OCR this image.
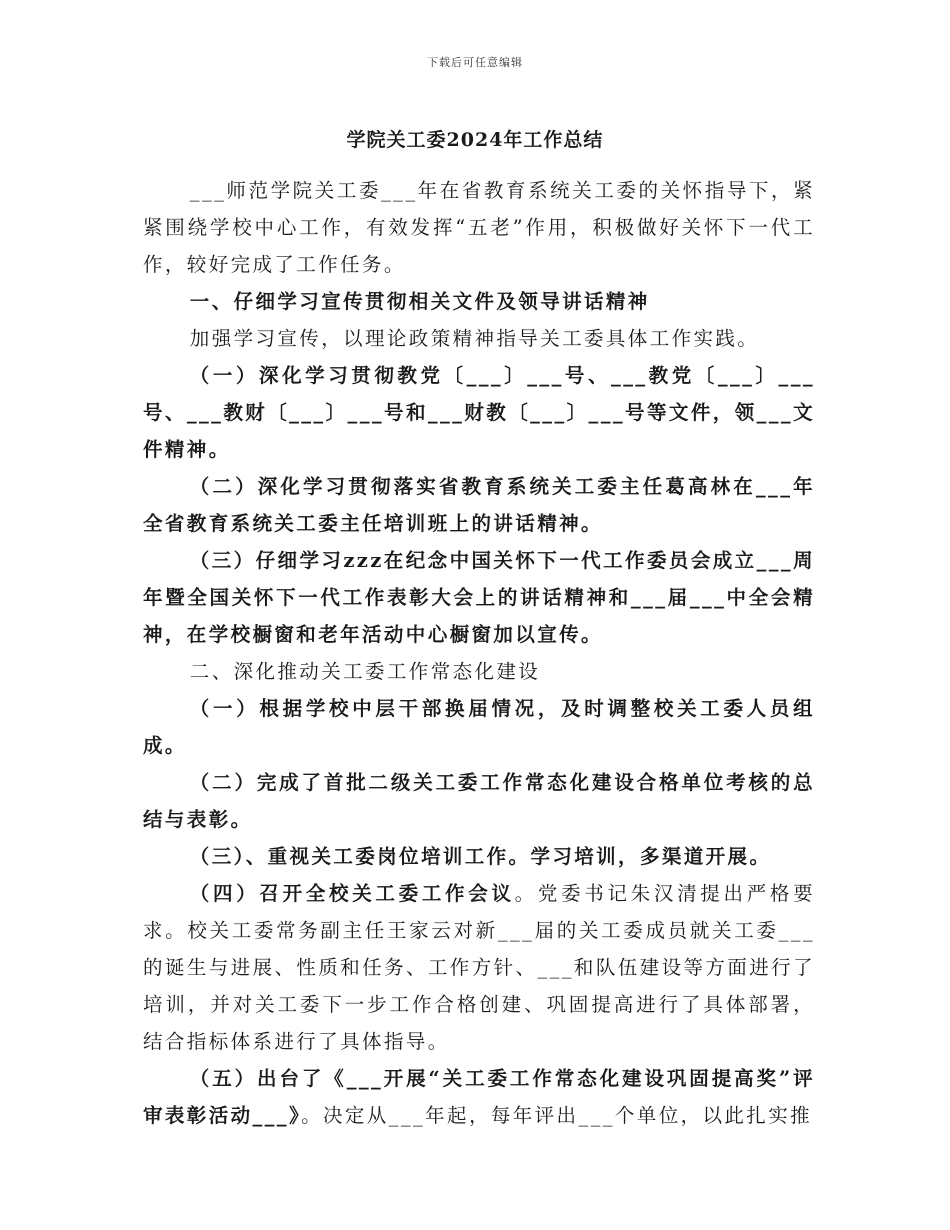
下载后可任意编辑
学院关工委2024年工作总结

___师范学院关工委___年在省教育系统关工委的关怀指导下，紧紧围绕学校中心工作，有效发挥“五老”作用，积极做好关怀下一代工作，较好完成了工作任务。

一、仔细学习宣传贯彻相关文件及领导讲话精神

加强学习宣传，以理论政策精神指导关工委具体工作实践。

（一）深化学习贯彻教党〔___〕___号、___教党〔___〕___号、___教财〔___〕___号和___财教〔___〕___号等文件，领___文件精神。

（二）深化学习贯彻落实省教育系统关工委主任葛高林在___年全省教育系统关工委主任培训班上的讲话精神。

（三）仔细学习zzz在纪念中国关怀下一代工作委员会成立___周年暨全国关怀下一代工作表彰大会上的讲话精神和___届___中全会精神，在学校橱窗和老年活动中心橱窗加以宣传。

二、深化推动关工委工作常态化建设

（一）根据学校中层干部换届情况，及时调整校关工委人员组成。

（二）完成了首批二级关工委工作常态化建设合格单位考核的总结与表彰。

（三）、重视关工委岗位培训工作。学习培训，多渠道开展。

（四）召开全校关工委工作会议。党委书记朱汉清提出严格要求。校关工委常务副主任王家云对新___届的关工委成员就关工委___的诞生与进展、性质和任务、工作方针、___和队伍建设等方面进行了培训，并对关工委下一步工作合格创建、巩固提高进行了具体部署，结合指标体系进行了具体指导。

（五）出台了《___开展“关工委工作常态化建设巩固提高奖”评审表彰活动___》。决定从___年起，每年评出___个单位，以此扎实推
